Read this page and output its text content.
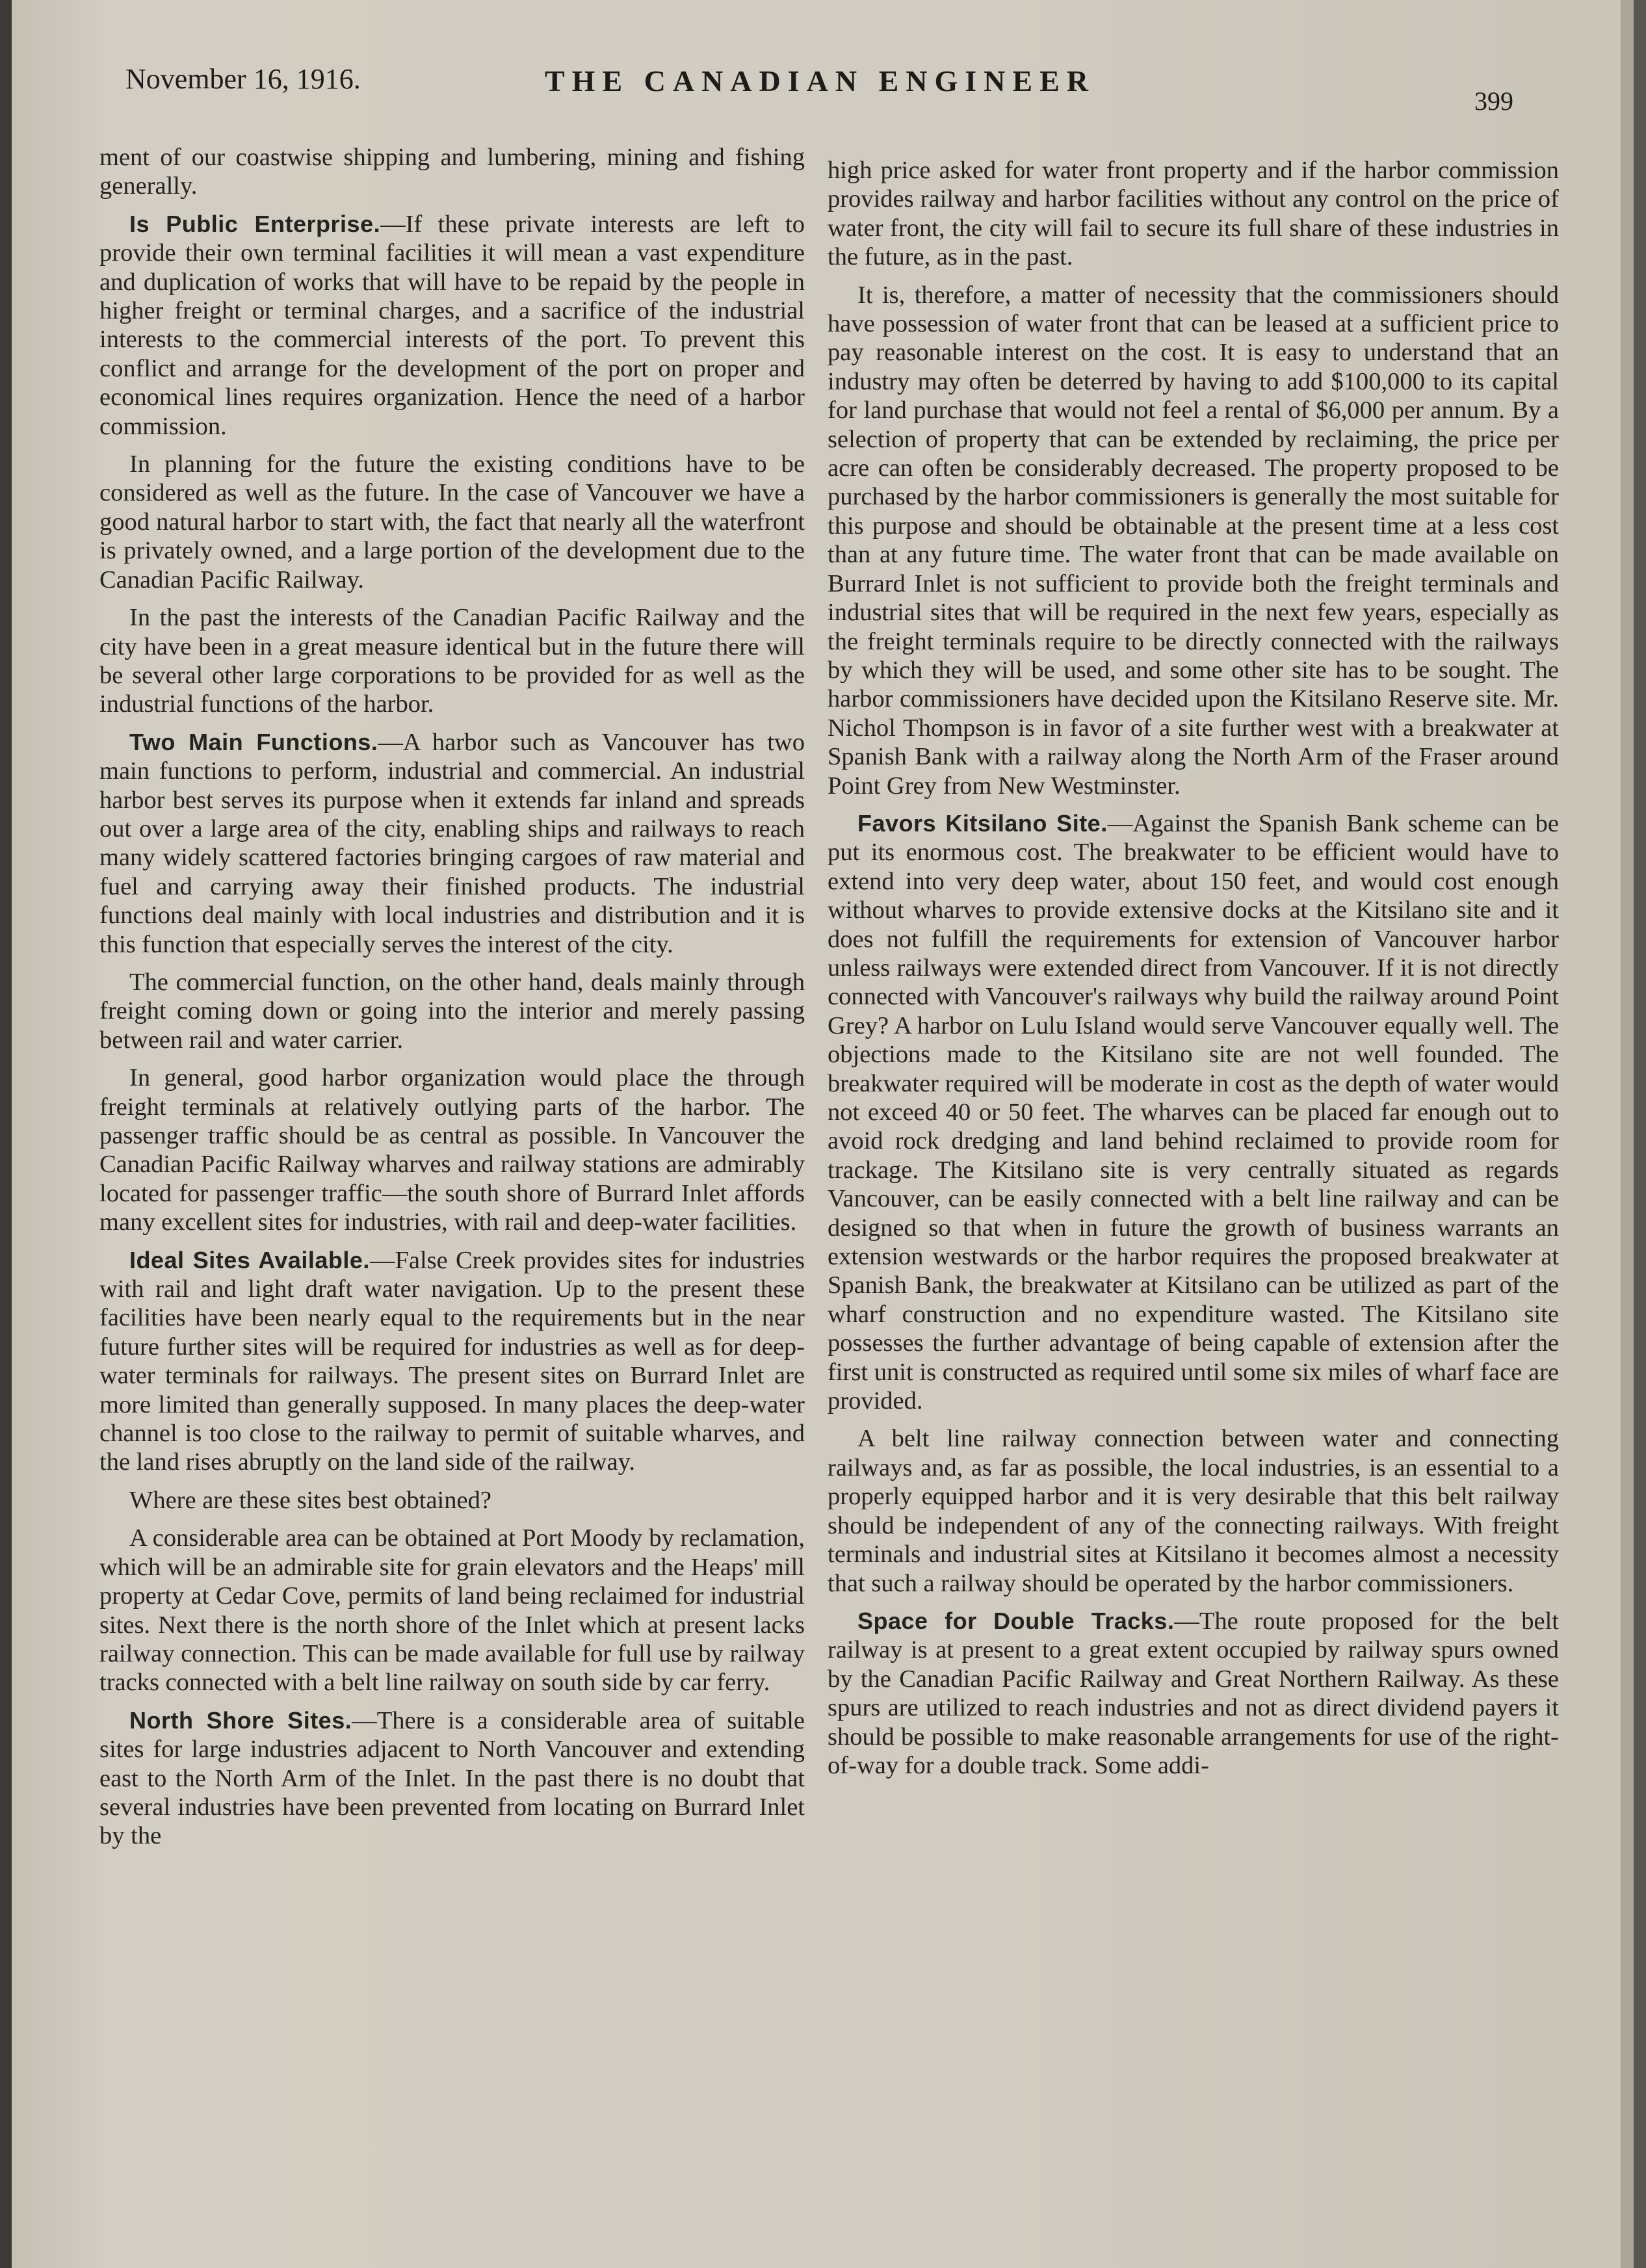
November 16, 1916.	THE CANADIAN ENGINEER
399

ment of our coastwise shipping and lumbering, mining and fishing generally.

Is Public Enterprise.—If these private interests are left to provide their own terminal facilities it will mean a vast expenditure and duplication of works that will have to be repaid by the people in higher freight or terminal charges, and a sacrifice of the industrial interests to the commercial interests of the port. To prevent this conflict and arrange for the development of the port on proper and economical lines requires organization. Hence the need of a harbor commission.

In planning for the future the existing conditions have to be considered as well as the future. In the case of Vancouver we have a good natural harbor to start with, the fact that nearly all the waterfront is privately owned, and a large portion of the development due to the Canadian Pacific Railway.

In the past the interests of the Canadian Pacific Railway and the city have been in a great measure identical but in the future there will be several other large corporations to be provided for as well as the industrial functions of the harbor.

Two Main Functions.—A harbor such as Vancouver has two main functions to perform, industrial and commercial. An industrial harbor best serves its purpose when it extends far inland and spreads out over a large area of the city, enabling ships and railways to reach many widely scattered factories bringing cargoes of raw material and fuel and carrying away their finished products. The industrial functions deal mainly with local industries and distribution and it is this function that especially serves the interest of the city.

The commercial function, on the other hand, deals mainly through freight coming down or going into the interior and merely passing between rail and water carrier.

In general, good harbor organization would place the through freight terminals at relatively outlying parts of the harbor. The passenger traffic should be as central as possible. In Vancouver the Canadian Pacific Railway wharves and railway stations are admirably located for passenger traffic—the south shore of Burrard Inlet affords many excellent sites for industries, with rail and deep-water facilities.

Ideal Sites Available.—False Creek provides sites for industries with rail and light draft water navigation. Up to the present these facilities have been nearly equal to the requirements but in the near future further sites will be required for industries as well as for deep-water terminals for railways. The present sites on Burrard Inlet are more limited than generally supposed. In many places the deep-water channel is too close to the railway to permit of suitable wharves, and the land rises abruptly on the land side of the railway.

Where are these sites best obtained?

A considerable area can be obtained at Port Moody by reclamation, which will be an admirable site for grain elevators and the Heaps' mill property at Cedar Cove, permits of land being reclaimed for industrial sites. Next there is the north shore of the Inlet which at present lacks railway connection. This can be made available for full use by railway tracks connected with a belt line railway on south side by car ferry.

North Shore Sites.—There is a considerable area of suitable sites for large industries adjacent to North Vancouver and extending east to the North Arm of the Inlet. In the past there is no doubt that several industries have been prevented from locating on Burrard Inlet by the

high price asked for water front property and if the harbor commission provides railway and harbor facilities without any control on the price of water front, the city will fail to secure its full share of these industries in the future, as in the past.

It is, therefore, a matter of necessity that the commissioners should have possession of water front that can be leased at a sufficient price to pay reasonable interest on the cost. It is easy to understand that an industry may often be deterred by having to add $100,000 to its capital for land purchase that would not feel a rental of $6,000 per annum. By a selection of property that can be extended by reclaiming, the price per acre can often be considerably decreased. The property proposed to be purchased by the harbor commissioners is generally the most suitable for this purpose and should be obtainable at the present time at a less cost than at any future time. The water front that can be made available on Burrard Inlet is not sufficient to provide both the freight terminals and industrial sites that will be required in the next few years, especially as the freight terminals require to be directly connected with the railways by which they will be used, and some other site has to be sought. The harbor commissioners have decided upon the Kitsilano Reserve site. Mr. Nichol Thompson is in favor of a site further west with a breakwater at Spanish Bank with a railway along the North Arm of the Fraser around Point Grey from New Westminster.

Favors Kitsilano Site.—Against the Spanish Bank scheme can be put its enormous cost. The breakwater to be efficient would have to extend into very deep water, about 150 feet, and would cost enough without wharves to provide extensive docks at the Kitsilano site and it does not fulfill the requirements for extension of Vancouver harbor unless railways were extended direct from Vancouver. If it is not directly connected with Vancouver's railways why build the railway around Point Grey? A harbor on Lulu Island would serve Vancouver equally well. The objections made to the Kitsilano site are not well founded. The breakwater required will be moderate in cost as the depth of water would not exceed 40 or 50 feet. The wharves can be placed far enough out to avoid rock dredging and land behind reclaimed to provide room for trackage. The Kitsilano site is very centrally situated as regards Vancouver, can be easily connected with a belt line railway and can be designed so that when in future the growth of business warrants an extension westwards or the harbor requires the proposed breakwater at Spanish Bank, the breakwater at Kitsilano can be utilized as part of the wharf construction and no expenditure wasted. The Kitsilano site possesses the further advantage of being capable of extension after the first unit is constructed as required until some six miles of wharf face are provided.

A belt line railway connection between water and connecting railways and, as far as possible, the local industries, is an essential to a properly equipped harbor and it is very desirable that this belt railway should be independent of any of the connecting railways. With freight terminals and industrial sites at Kitsilano it becomes almost a necessity that such a railway should be operated by the harbor commissioners.

Space for Double Tracks.—The route proposed for the belt railway is at present to a great extent occupied by railway spurs owned by the Canadian Pacific Railway and Great Northern Railway. As these spurs are utilized to reach industries and not as direct dividend payers it should be possible to make reasonable arrangements for use of the right-of-way for a double track. Some addi-
